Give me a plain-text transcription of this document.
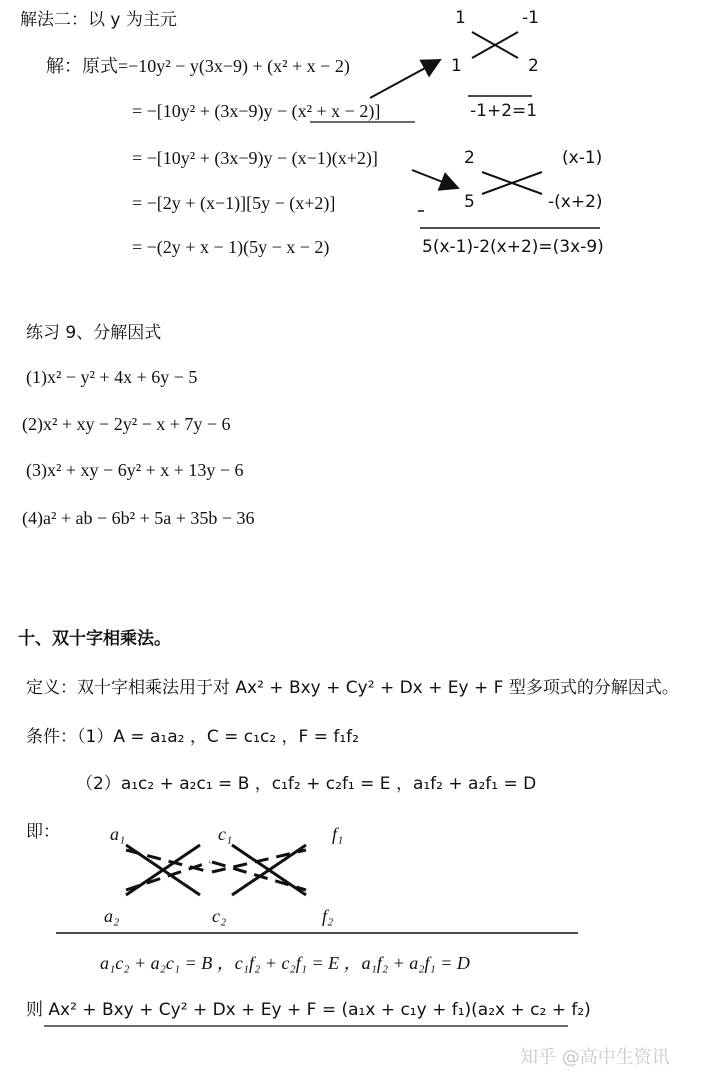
解法二：以 y 为主元
解：原式=−10y² − y(3x−9) + (x² + x − 2)
= −[10y² + (3x−9)y − (x² + x − 2)]
= −[10y² + (3x−9)y − (x−1)(x+2)]
= −[2y + (x−1)][5y − (x+2)]
= −(2y + x − 1)(5y − x − 2)
1	-1
1	2
-1+2=1
2	(x-1)
5	-(x+2)
5(x-1)-2(x+2)=(3x-9)
练习 9、分解因式
(1)x² − y² + 4x + 6y − 5
(2)x² + xy − 2y² − x + 7y − 6
(3)x² + xy − 6y² + x + 13y − 6
(4)a² + ab − 6b² + 5a + 35b − 36
十、双十字相乘法。
定义：双十字相乘法用于对 Ax² + Bxy + Cy² + Dx + Ey + F 型多项式的分解因式。
条件：（1）A = a₁a₂ ，C = c₁c₂ ，F = f₁f₂
（2）a₁c₂ + a₂c₁ = B ，c₁f₂ + c₂f₁ = E ，a₁f₂ + a₂f₁ = D
即：	a₁	c₁	f₁
a₂	c₂	f₂
a₁c₂ + a₂c₁ = B ，c₁f₂ + c₂f₁ = E ，a₁f₂ + a₂f₁ = D
则 Ax² + Bxy + Cy² + Dx + Ey + F = (a₁x + c₁y + f₁)(a₂x + c₂ + f₂)
知乎 @高中生资讯
